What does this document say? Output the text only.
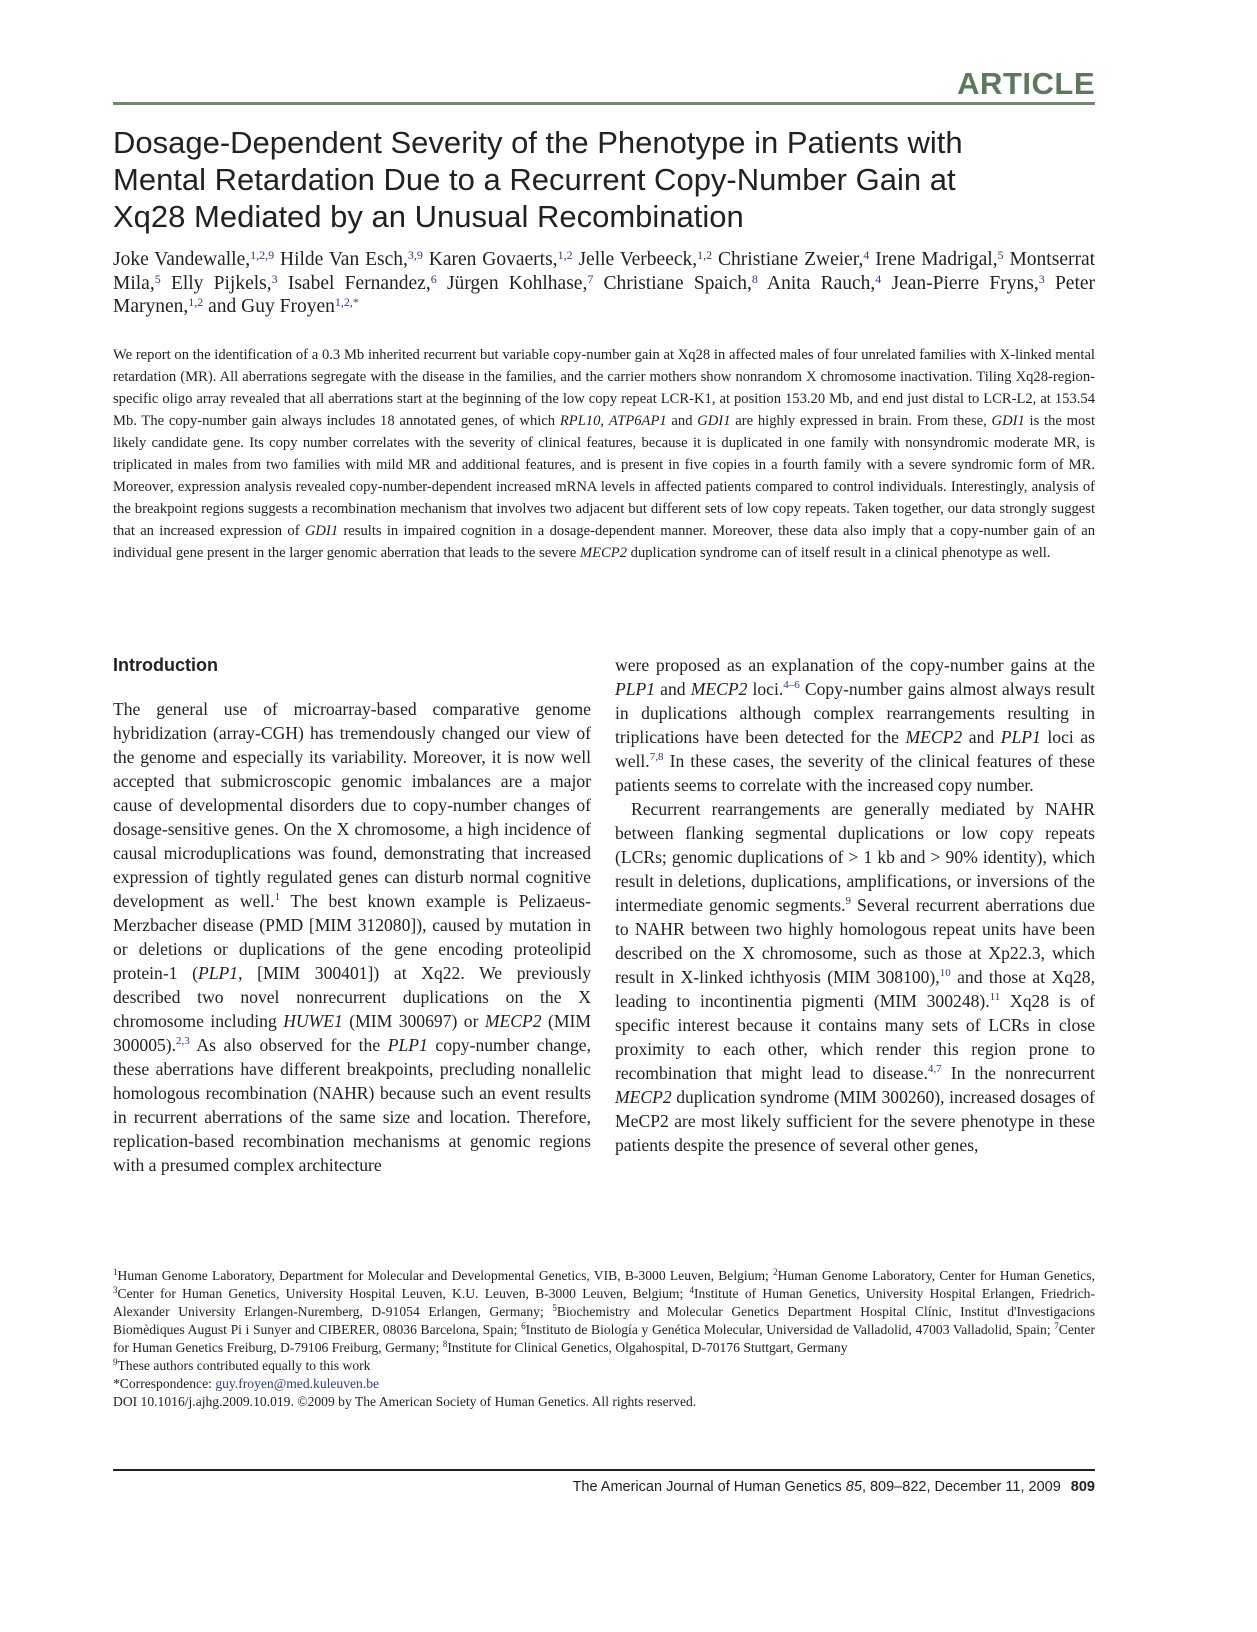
ARTICLE
Dosage-Dependent Severity of the Phenotype in Patients with Mental Retardation Due to a Recurrent Copy-Number Gain at Xq28 Mediated by an Unusual Recombination
Joke Vandewalle,$^{1,2,9}$ Hilde Van Esch,$^{3,9}$ Karen Govaerts,$^{1,2}$ Jelle Verbeeck,$^{1,2}$ Christiane Zweier,$^4$ Irene Madrigal,$^5$ Montserrat Mila,$^5$ Elly Pijkels,$^3$ Isabel Fernandez,$^6$ Jürgen Kohlhase,$^7$ Christiane Spaich,$^8$ Anita Rauch,$^4$ Jean-Pierre Fryns,$^3$ Peter Marynen,$^{1,2}$ and Guy Froyen$^{1,2,*}$
We report on the identification of a 0.3 Mb inherited recurrent but variable copy-number gain at Xq28 in affected males of four unrelated families with X-linked mental retardation (MR). All aberrations segregate with the disease in the families, and the carrier mothers show nonrandom X chromosome inactivation. Tiling Xq28-region-specific oligo array revealed that all aberrations start at the beginning of the low copy repeat LCR-K1, at position 153.20 Mb, and end just distal to LCR-L2, at 153.54 Mb. The copy-number gain always includes 18 annotated genes, of which RPL10, ATP6AP1 and GDI1 are highly expressed in brain. From these, GDI1 is the most likely candidate gene. Its copy number correlates with the severity of clinical features, because it is duplicated in one family with nonsyndromic moderate MR, is triplicated in males from two families with mild MR and additional features, and is present in five copies in a fourth family with a severe syndromic form of MR. Moreover, expression analysis revealed copy-number-dependent increased mRNA levels in affected patients compared to control individuals. Interestingly, analysis of the breakpoint regions suggests a recombination mechanism that involves two adjacent but different sets of low copy repeats. Taken together, our data strongly suggest that an increased expression of GDI1 results in impaired cognition in a dosage-dependent manner. Moreover, these data also imply that a copy-number gain of an individual gene present in the larger genomic aberration that leads to the severe MECP2 duplication syndrome can of itself result in a clinical phenotype as well.
Introduction

The general use of microarray-based comparative genome hybridization (array-CGH) has tremendously changed our view of the genome and especially its variability. Moreover, it is now well accepted that submicroscopic genomic imbalances are a major cause of developmental disorders due to copy-number changes of dosage-sensitive genes. On the X chromosome, a high incidence of causal microduplications was found, demonstrating that increased expression of tightly regulated genes can disturb normal cognitive development as well.$^1$ The best known example is Pelizaeus-Merzbacher disease (PMD [MIM 312080]), caused by mutation in or deletions or duplications of the gene encoding proteolipid protein-1 (PLP1, [MIM 300401]) at Xq22. We previously described two novel nonrecurrent duplications on the X chromosome including HUWE1 (MIM 300697) or MECP2 (MIM 300005).$^{2,3}$ As also observed for the PLP1 copy-number change, these aberrations have different breakpoints, precluding nonallelic homologous recombination (NAHR) because such an event results in recurrent aberrations of the same size and location. Therefore, replication-based recombination mechanisms at genomic regions with a presumed complex architecture

were proposed as an explanation of the copy-number gains at the PLP1 and MECP2 loci.$^{4-6}$ Copy-number gains almost always result in duplications although complex rearrangements resulting in triplications have been detected for the MECP2 and PLP1 loci as well.$^{7,8}$ In these cases, the severity of the clinical features of these patients seems to correlate with the increased copy number.

Recurrent rearrangements are generally mediated by NAHR between flanking segmental duplications or low copy repeats (LCRs; genomic duplications of > 1 kb and > 90% identity), which result in deletions, duplications, amplifications, or inversions of the intermediate genomic segments.$^9$ Several recurrent aberrations due to NAHR between two highly homologous repeat units have been described on the X chromosome, such as those at Xp22.3, which result in X-linked ichthyosis (MIM 308100),$^{10}$ and those at Xq28, leading to incontinentia pigmenti (MIM 300248).$^{11}$ Xq28 is of specific interest because it contains many sets of LCRs in close proximity to each other, which render this region prone to recombination that might lead to disease.$^{4,7}$ In the nonrecurrent MECP2 duplication syndrome (MIM 300260), increased dosages of MeCP2 are most likely sufficient for the severe phenotype in these patients despite the presence of several other genes,

$^1$Human Genome Laboratory, Department for Molecular and Developmental Genetics, VIB, B-3000 Leuven, Belgium; $^2$Human Genome Laboratory, Center for Human Genetics, $^3$Center for Human Genetics, University Hospital Leuven, K.U. Leuven, B-3000 Leuven, Belgium; $^4$Institute of Human Genetics, University Hospital Erlangen, Friedrich-Alexander University Erlangen-Nuremberg, D-91054 Erlangen, Germany; $^5$Biochemistry and Molecular Genetics Department Hospital Clínic, Institut d'Investigacions Biomèdiques August Pi i Sunyer and CIBERER, 08036 Barcelona, Spain; $^6$Instituto de Biología y Genética Molecular, Universidad de Valladolid, 47003 Valladolid, Spain; $^7$Center for Human Genetics Freiburg, D-79106 Freiburg, Germany; $^8$Institute for Clinical Genetics, Olgahospital, D-70176 Stuttgart, Germany

$^9$These authors contributed equally to this work

*Correspondence: guy.froyen@med.kuleuven.be

DOI 10.1016/j.ajhg.2009.10.019. ©2009 by The American Society of Human Genetics. All rights reserved.

The American Journal of Human Genetics 85, 809–822, December 11, 2009 809
